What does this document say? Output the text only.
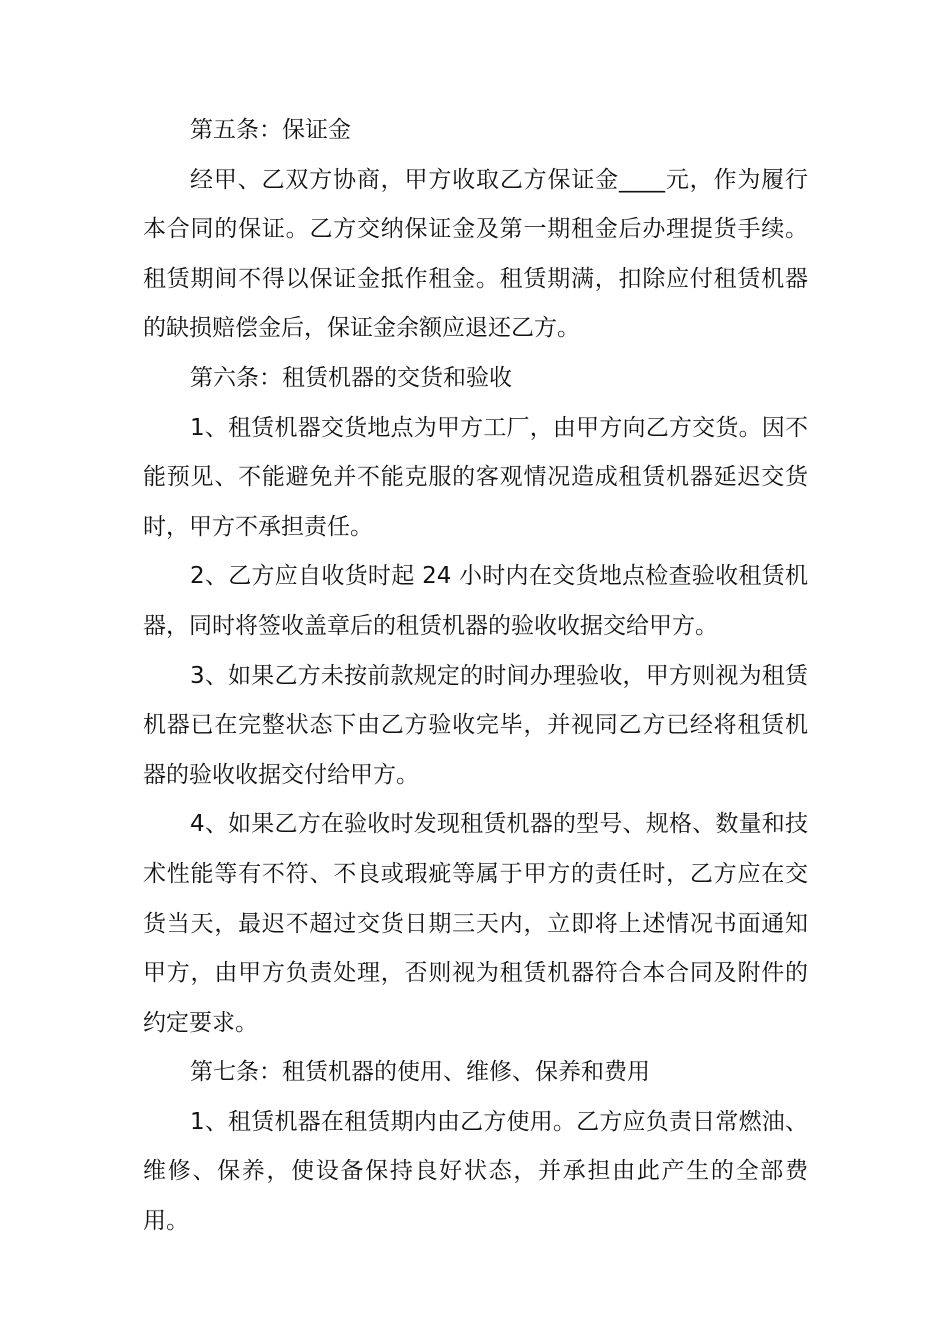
第五条：保证金

经甲、乙双方协商，甲方收取乙方保证金____元，作为履行本合同的保证。乙方交纳保证金及第一期租金后办理提货手续。租赁期间不得以保证金抵作租金。租赁期满，扣除应付租赁机器的缺损赔偿金后，保证金余额应退还乙方。

第六条：租赁机器的交货和验收

1、租赁机器交货地点为甲方工厂，由甲方向乙方交货。因不能预见、不能避免并不能克服的客观情况造成租赁机器延迟交货时，甲方不承担责任。

2、乙方应自收货时起 24 小时内在交货地点检查验收租赁机器，同时将签收盖章后的租赁机器的验收收据交给甲方。

3、如果乙方未按前款规定的时间办理验收，甲方则视为租赁机器已在完整状态下由乙方验收完毕，并视同乙方已经将租赁机器的验收收据交付给甲方。

4、如果乙方在验收时发现租赁机器的型号、规格、数量和技术性能等有不符、不良或瑕疵等属于甲方的责任时，乙方应在交货当天，最迟不超过交货日期三天内，立即将上述情况书面通知甲方，由甲方负责处理，否则视为租赁机器符合本合同及附件的约定要求。

第七条：租赁机器的使用、维修、保养和费用

1、租赁机器在租赁期内由乙方使用。乙方应负责日常燃油、维修、保养，使设备保持良好状态，并承担由此产生的全部费用。
